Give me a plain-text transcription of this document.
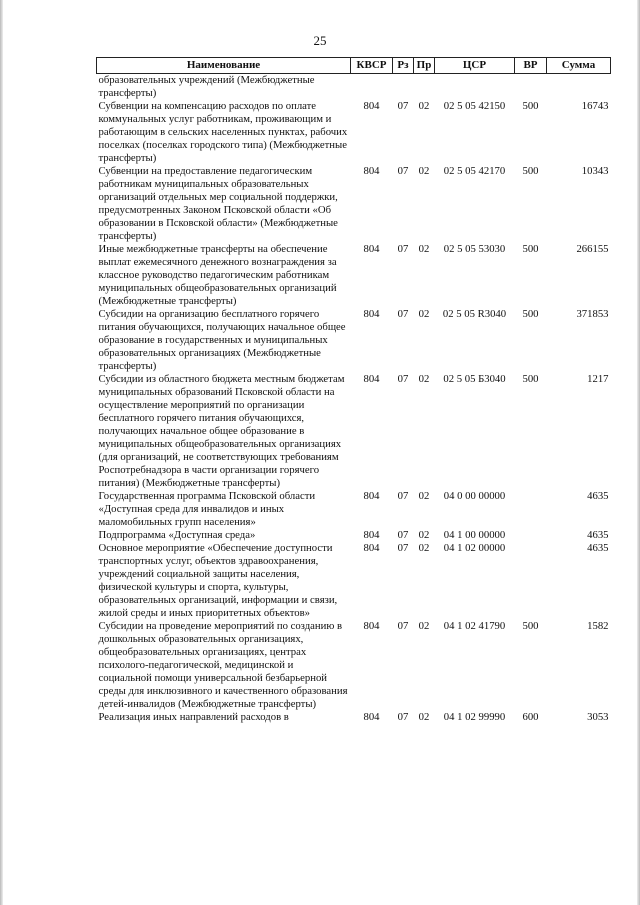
25
Наименование	КВСР	Рз	Пр	ЦСР	ВР	Сумма
образовательных учреждений (Межбюджетные трансферты)						
Субвенции на компенсацию расходов по оплате коммунальных услуг работникам, проживающим и работающим в сельских населенных пунктах, рабочих поселках (поселках городского типа) (Межбюджетные трансферты)	804	07	02	02 5 05 42150	500	16743
Субвенции на предоставление педагогическим работникам муниципальных образовательных организаций отдельных мер социальной поддержки, предусмотренных Законом Псковской области «Об образовании в Псковской области» (Межбюджетные трансферты)	804	07	02	02 5 05 42170	500	10343
Иные межбюджетные трансферты на обеспечение выплат ежемесячного денежного вознаграждения за классное руководство педагогическим работникам муниципальных общеобразовательных организаций (Межбюджетные трансферты)	804	07	02	02 5 05 53030	500	266155
Субсидии на организацию бесплатного горячего питания обучающихся, получающих начальное общее образование в государственных и муниципальных образовательных организациях (Межбюджетные трансферты)	804	07	02	02 5 05 R3040	500	371853
Субсидии из областного бюджета местным бюджетам муниципальных образований Псковской области на осуществление мероприятий по организации бесплатного горячего питания обучающихся, получающих начальное общее образование в муниципальных общеобразовательных организациях (для организаций, не соответствующих требованиям Роспотребнадзора в части организации горячего питания) (Межбюджетные трансферты)	804	07	02	02 5 05 Б3040	500	1217
Государственная программа Псковской области «Доступная среда для инвалидов и иных маломобильных групп населения»	804	07	02	04 0 00 00000		4635
Подпрограмма «Доступная среда»	804	07	02	04 1 00 00000		4635
Основное мероприятие «Обеспечение доступности транспортных услуг, объектов здравоохранения, учреждений социальной защиты населения, физической культуры и спорта, культуры, образовательных организаций, информации и связи, жилой среды и иных приоритетных объектов»	804	07	02	04 1 02 00000		4635
Субсидии на проведение мероприятий по созданию в дошкольных образовательных организациях, общеобразовательных организациях, центрах психолого-педагогической, медицинской и социальной помощи универсальной безбарьерной среды для инклюзивного и качественного образования детей-инвалидов (Межбюджетные трансферты)	804	07	02	04 1 02 41790	500	1582
Реализация иных направлений расходов в	804	07	02	04 1 02 99990	600	3053
